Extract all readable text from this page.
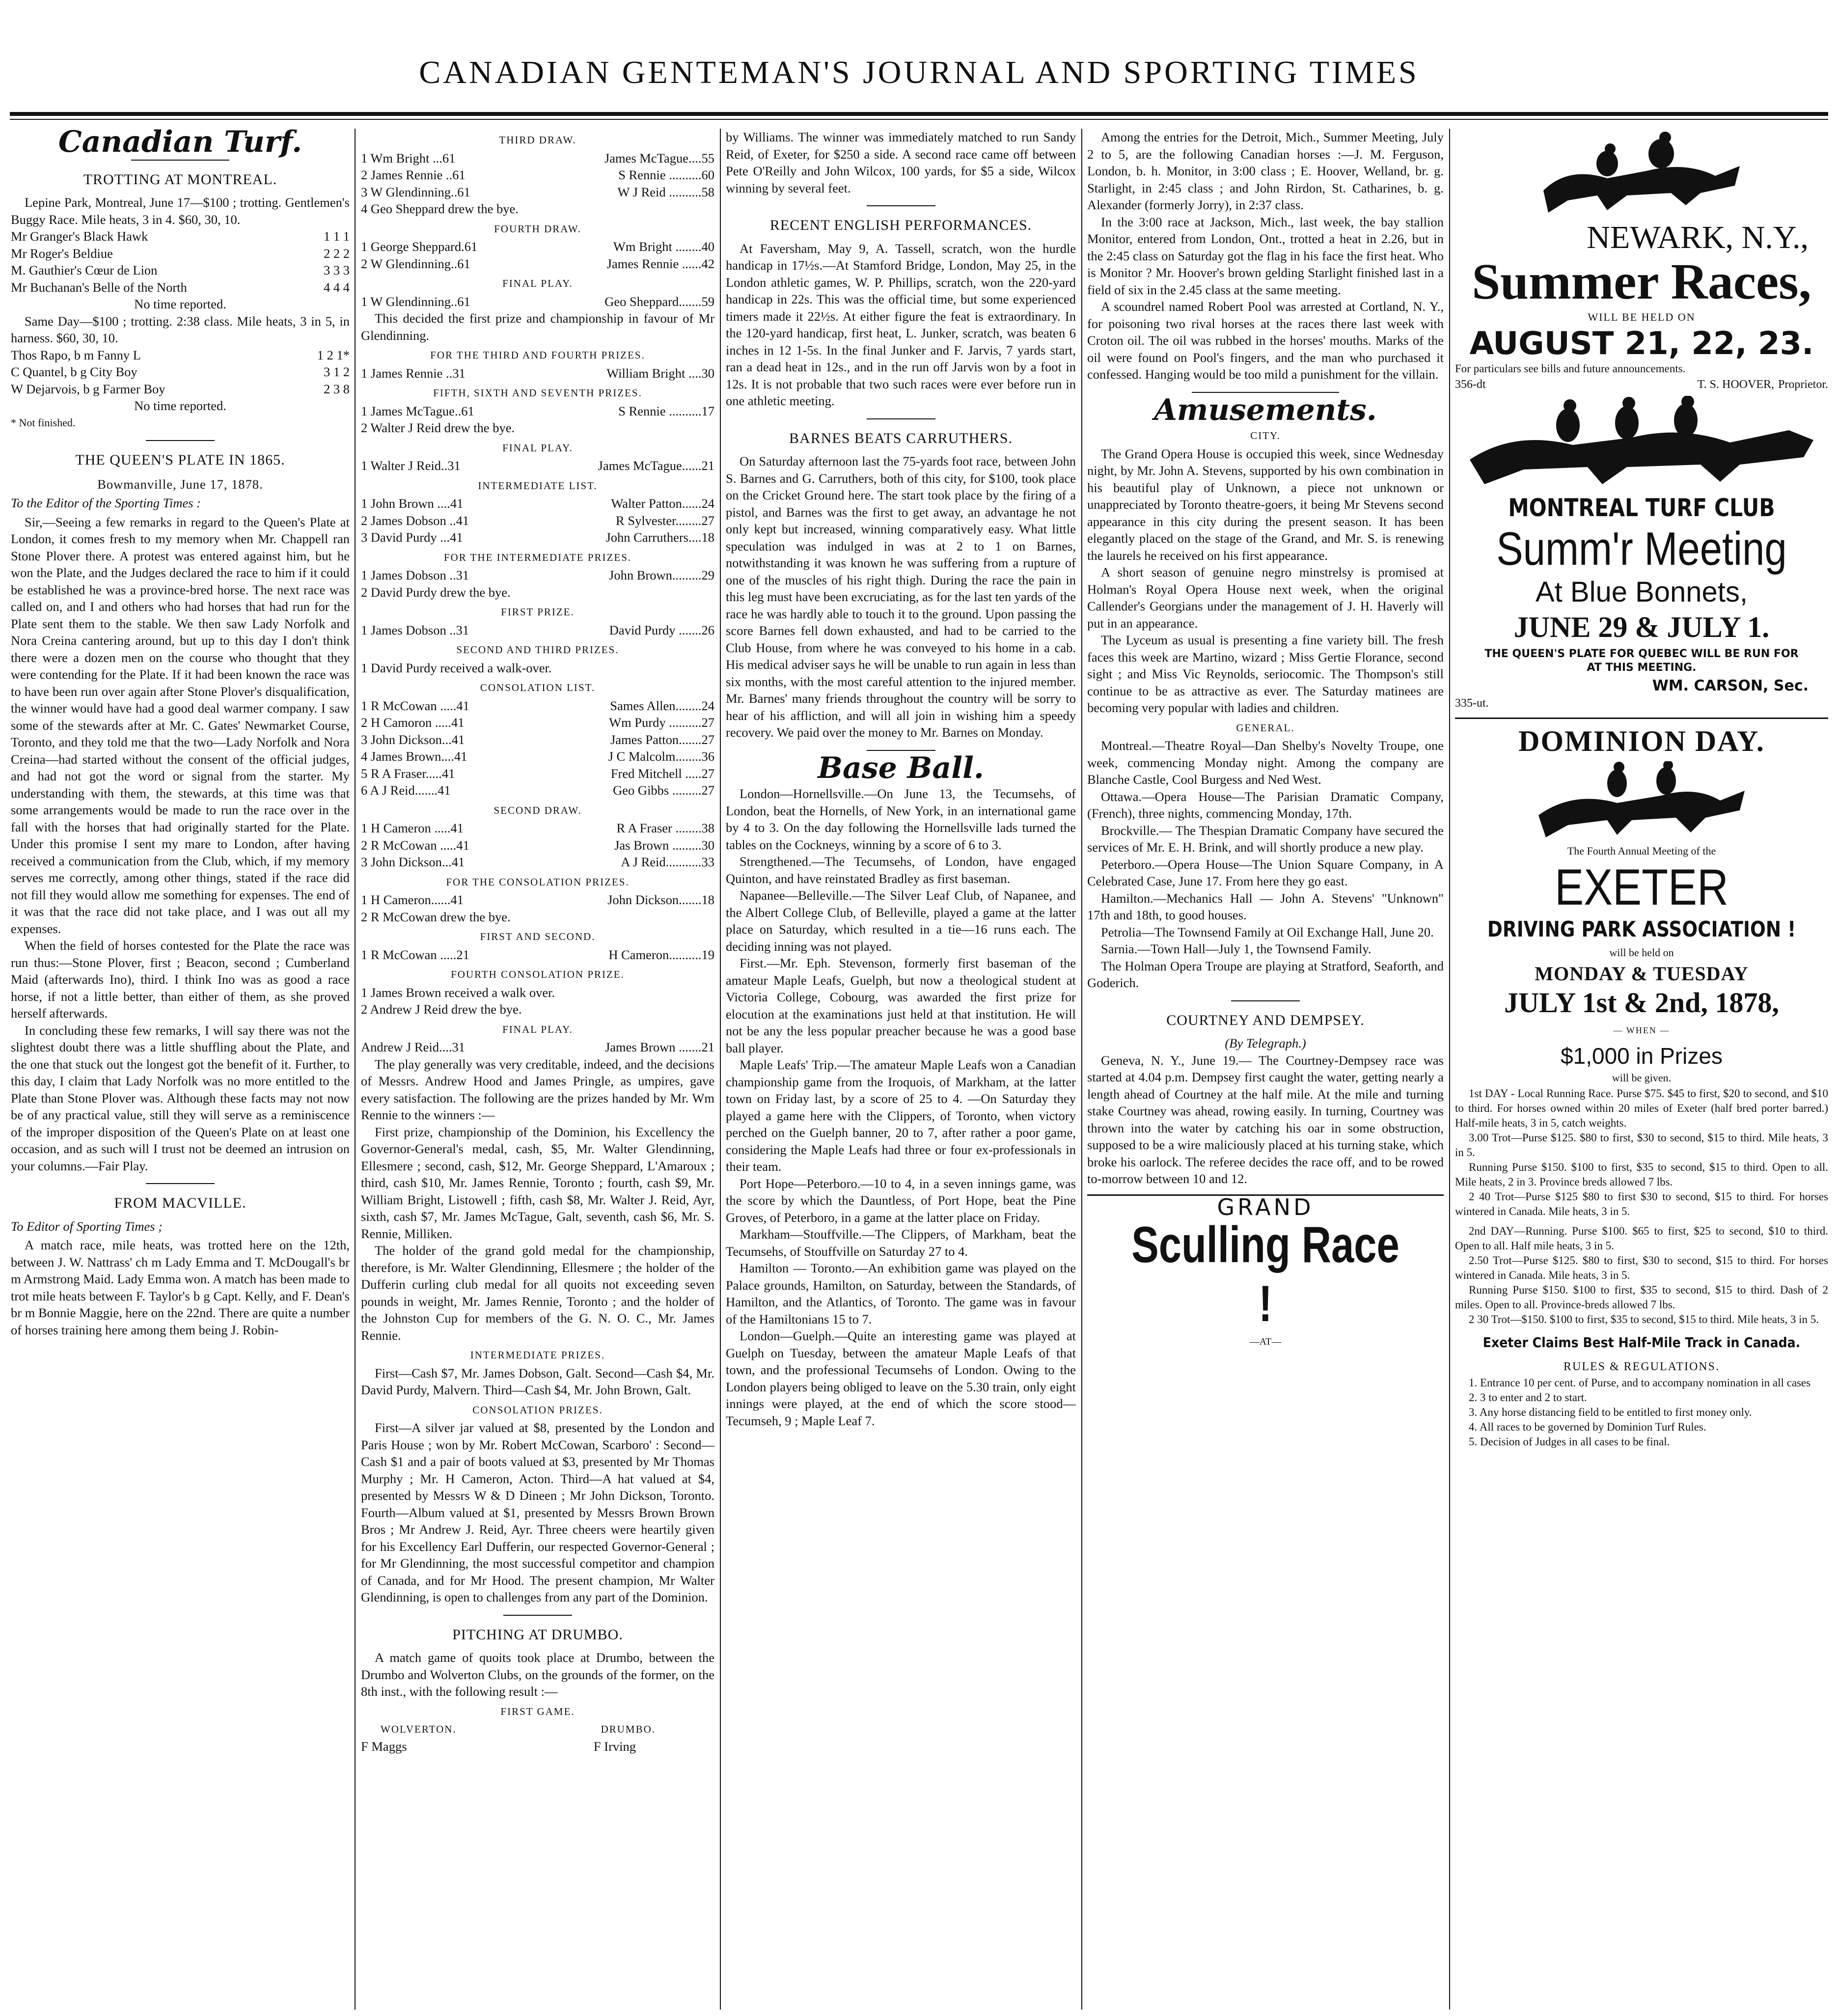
CANADIAN GENTEMAN'S JOURNAL AND SPORTING TIMES
Canadian Turf.
TROTTING AT MONTREAL.

Lepine Park, Montreal, June 17—$100 ; trotting. Gentlemen's Buggy Race. Mile heats, 3 in 4. $60, 30, 10.

Mr Granger's Black Hawk	1 1 1
Mr Roger's Beldiue	2 2 2
M. Gauthier's Cœur de Lion	3 3 3
Mr Buchanan's Belle of the North	4 4 4
No time reported.

Same Day—$100 ; trotting. 2:38 class. Mile heats, 3 in 5, in harness. $60, 30, 10.

Thos Rapo, b m Fanny L	1 2 1*
C Quantel, b g City Boy	3 1 2
W Dejarvois, b g Farmer Boy	2 3 8
No time reported.
* Not finished.
THE QUEEN'S PLATE IN 1865.
Bowmanville, June 17, 1878.
To the Editor of the Sporting Times :

Sir,—Seeing a few remarks in regard to the Queen's Plate at London, it comes fresh to my memory when Mr. Chappell ran Stone Plover there. A protest was entered against him, but he won the Plate, and the Judges declared the race to him if it could be established he was a province-bred horse. The next race was called on, and I and others who had horses that had run for the Plate sent them to the stable. We then saw Lady Norfolk and Nora Creina cantering around, but up to this day I don't think there were a dozen men on the course who thought that they were contending for the Plate. If it had been known the race was to have been run over again after Stone Plover's disqualification, the winner would have had a good deal warmer company. I saw some of the stewards after at Mr. C. Gates' Newmarket Course, Toronto, and they told me that the two—Lady Norfolk and Nora Creina—had started without the consent of the official judges, and had not got the word or signal from the starter. My understanding with them, the stewards, at this time was that some arrangements would be made to run the race over in the fall with the horses that had originally started for the Plate. Under this promise I sent my mare to London, after having received a communication from the Club, which, if my memory serves me correctly, among other things, stated if the race did not fill they would allow me something for expenses. The end of it was that the race did not take place, and I was out all my expenses.

When the field of horses contested for the Plate the race was run thus:—Stone Plover, first ; Beacon, second ; Cumberland Maid (afterwards Ino), third. I think Ino was as good a race horse, if not a little better, than either of them, as she proved herself afterwards.

In concluding these few remarks, I will say there was not the slightest doubt there was a little shuffling about the Plate, and the one that stuck out the longest got the benefit of it. Further, to this day, I claim that Lady Norfolk was no more entitled to the Plate than Stone Plover was. Although these facts may not now be of any practical value, still they will serve as a reminiscence of the improper disposition of the Queen's Plate on at least one occasion, and as such will I trust not be deemed an intrusion on your columns.—Fair Play.

FROM MACVILLE.
To Editor of Sporting Times ;

A match race, mile heats, was trotted here on the 12th, between J. W. Nattrass' ch m Lady Emma and T. McDougall's br m Armstrong Maid. Lady Emma won. A match has been made to trot mile heats between F. Taylor's b g Capt. Kelly, and F. Dean's br m Bonnie Maggie, here on the 22nd. There are quite a number of horses training here among them being J. Robin-

THIRD DRAW.
1 Wm Bright ...61	James McTague....55
2 James Rennie ..61	S Rennie ..........60
3 W Glendinning..61	W J Reid ..........58
4 Geo Sheppard drew the bye.
FOURTH DRAW.
1 George Sheppard.61	Wm Bright ........40
2 W Glendinning..61	James Rennie ......42
FINAL PLAY.
1 W Glendinning..61	Geo Sheppard.......59

This decided the first prize and championship in favour of Mr Glendinning.

FOR THE THIRD AND FOURTH PRIZES.
1 James Rennie ..31	William Bright ....30
FIFTH, SIXTH AND SEVENTH PRIZES.
1 James McTague..61	S Rennie ..........17
2 Walter J Reid drew the bye.
FINAL PLAY.
1 Walter J Reid..31	James McTague......21
INTERMEDIATE LIST.
1 John Brown ....41	Walter Patton......24
2 James Dobson ..41	R Sylvester........27
3 David Purdy ...41	John Carruthers....18
FOR THE INTERMEDIATE PRIZES.
1 James Dobson ..31	John Brown.........29
2 David Purdy drew the bye.
FIRST PRIZE.
1 James Dobson ..31	David Purdy .......26
SECOND AND THIRD PRIZES.
1 David Purdy received a walk-over.
CONSOLATION LIST.
1 R McCowan .....41	Sames Allen........24
2 H Camoron .....41	Wm Purdy ..........27
3 John Dickson...41	James Patton.......27
4 James Brown....41	J C Malcolm........36
5 R A Fraser.....41	Fred Mitchell .....27
6 A J Reid.......41	Geo Gibbs .........27
SECOND DRAW.
1 H Cameron .....41	R A Fraser ........38
2 R McCowan .....41	Jas Brown .........30
3 John Dickson...41	A J Reid...........33
FOR THE CONSOLATION PRIZES.
1 H Cameron......41	John Dickson.......18
2 R McCowan drew the bye.
FIRST AND SECOND.
1 R McCowan .....21	H Cameron..........19
FOURTH CONSOLATION PRIZE.
1 James Brown received a walk over.
2 Andrew J Reid drew the bye.
FINAL PLAY.
Andrew J Reid....31	James Brown .......21

The play generally was very creditable, indeed, and the decisions of Messrs. Andrew Hood and James Pringle, as umpires, gave every satisfaction. The following are the prizes handed by Mr. Wm Rennie to the winners :—

First prize, championship of the Dominion, his Excellency the Governor-General's medal, cash, $5, Mr. Walter Glendinning, Ellesmere ; second, cash, $12, Mr. George Sheppard, L'Amaroux ; third, cash $10, Mr. James Rennie, Toronto ; fourth, cash $9, Mr. William Bright, Listowell ; fifth, cash $8, Mr. Walter J. Reid, Ayr, sixth, cash $7, Mr. James McTague, Galt, seventh, cash $6, Mr. S. Rennie, Milliken.

The holder of the grand gold medal for the championship, therefore, is Mr. Walter Glendinning, Ellesmere ; the holder of the Dufferin curling club medal for all quoits not exceeding seven pounds in weight, Mr. James Rennie, Toronto ; and the holder of the Johnston Cup for members of the G. N. O. C., Mr. James Rennie.

INTERMEDIATE PRIZES.

First—Cash $7, Mr. James Dobson, Galt. Second—Cash $4, Mr. David Purdy, Malvern. Third—Cash $4, Mr. John Brown, Galt.

CONSOLATION PRIZES.

First—A silver jar valued at $8, presented by the London and Paris House ; won by Mr. Robert McCowan, Scarboro' : Second—Cash $1 and a pair of boots valued at $3, presented by Mr Thomas Murphy ; Mr. H Cameron, Acton. Third—A hat valued at $4, presented by Messrs W & D Dineen ; Mr John Dickson, Toronto. Fourth—Album valued at $1, presented by Messrs Brown Brown Bros ; Mr Andrew J. Reid, Ayr. Three cheers were heartily given for his Excellency Earl Dufferin, our respected Governor-General ; for Mr Glendinning, the most successful competitor and champion of Canada, and for Mr Hood. The present champion, Mr Walter Glendinning, is open to challenges from any part of the Dominion.

PITCHING AT DRUMBO.

A match game of quoits took place at Drumbo, between the Drumbo and Wolverton Clubs, on the grounds of the former, on the 8th inst., with the following result :—

FIRST GAME.
WOLVERTON.	DRUMBO.
F Maggs	F Irving

by Williams. The winner was immediately matched to run Sandy Reid, of Exeter, for $250 a side. A second race came off between Pete O'Reilly and John Wilcox, 100 yards, for $5 a side, Wilcox winning by several feet.

RECENT ENGLISH PERFORMANCES.

At Faversham, May 9, A. Tassell, scratch, won the hurdle handicap in 17½s.—At Stamford Bridge, London, May 25, in the London athletic games, W. P. Phillips, scratch, won the 220-yard handicap in 22s. This was the official time, but some experienced timers made it 22½s. At either figure the feat is extraordinary. In the 120-yard handicap, first heat, L. Junker, scratch, was beaten 6 inches in 12 1-5s. In the final Junker and F. Jarvis, 7 yards start, ran a dead heat in 12s., and in the run off Jarvis won by a foot in 12s. It is not probable that two such races were ever before run in one athletic meeting.

BARNES BEATS CARRUTHERS.

On Saturday afternoon last the 75-yards foot race, between John S. Barnes and G. Carruthers, both of this city, for $100, took place on the Cricket Ground here. The start took place by the firing of a pistol, and Barnes was the first to get away, an advantage he not only kept but increased, winning comparatively easy. What little speculation was indulged in was at 2 to 1 on Barnes, notwithstanding it was known he was suffering from a rupture of one of the muscles of his right thigh. During the race the pain in this leg must have been excruciating, as for the last ten yards of the race he was hardly able to touch it to the ground. Upon passing the score Barnes fell down exhausted, and had to be carried to the Club House, from where he was conveyed to his home in a cab. His medical adviser says he will be unable to run again in less than six months, with the most careful attention to the injured member. Mr. Barnes' many friends throughout the country will be sorry to hear of his affliction, and will all join in wishing him a speedy recovery. We paid over the money to Mr. Barnes on Monday.

Base Ball.

London—Hornellsville.—On June 13, the Tecumsehs, of London, beat the Hornells, of New York, in an international game by 4 to 3. On the day following the Hornellsville lads turned the tables on the Cockneys, winning by a score of 6 to 3.

Strengthened.—The Tecumsehs, of London, have engaged Quinton, and have reinstated Bradley as first baseman.

Napanee—Belleville.—The Silver Leaf Club, of Napanee, and the Albert College Club, of Belleville, played a game at the latter place on Saturday, which resulted in a tie—16 runs each. The deciding inning was not played.

First.—Mr. Eph. Stevenson, formerly first baseman of the amateur Maple Leafs, Guelph, but now a theological student at Victoria College, Cobourg, was awarded the first prize for elocution at the examinations just held at that institution. He will not be any the less popular preacher because he was a good base ball player.

Maple Leafs' Trip.—The amateur Maple Leafs won a Canadian championship game from the Iroquois, of Markham, at the latter town on Friday last, by a score of 25 to 4. —On Saturday they played a game here with the Clippers, of Toronto, when victory perched on the Guelph banner, 20 to 7, after rather a poor game, considering the Maple Leafs had three or four ex-professionals in their team.

Port Hope—Peterboro.—10 to 4, in a seven innings game, was the score by which the Dauntless, of Port Hope, beat the Pine Groves, of Peterboro, in a game at the latter place on Friday.

Markham—Stouffville.—The Clippers, of Markham, beat the Tecumsehs, of Stouffville on Saturday 27 to 4.

Hamilton — Toronto.—An exhibition game was played on the Palace grounds, Hamilton, on Saturday, between the Standards, of Hamilton, and the Atlantics, of Toronto. The game was in favour of the Hamiltonians 15 to 7.

London—Guelph.—Quite an interesting game was played at Guelph on Tuesday, between the amateur Maple Leafs of that town, and the professional Tecumsehs of London. Owing to the London players being obliged to leave on the 5.30 train, only eight innings were played, at the end of which the score stood—Tecumseh, 9 ; Maple Leaf 7.

Among the entries for the Detroit, Mich., Summer Meeting, July 2 to 5, are the following Canadian horses :—J. M. Ferguson, London, b. h. Monitor, in 3:00 class ; E. Hoover, Welland, br. g. Starlight, in 2:45 class ; and John Rirdon, St. Catharines, b. g. Alexander (formerly Jorry), in 2:37 class.

In the 3:00 race at Jackson, Mich., last week, the bay stallion Monitor, entered from London, Ont., trotted a heat in 2.26, but in the 2:45 class on Saturday got the flag in his face the first heat. Who is Monitor ? Mr. Hoover's brown gelding Starlight finished last in a field of six in the 2.45 class at the same meeting.

A scoundrel named Robert Pool was arrested at Cortland, N. Y., for poisoning two rival horses at the races there last week with Croton oil. The oil was rubbed in the horses' mouths. Marks of the oil were found on Pool's fingers, and the man who purchased it confessed. Hanging would be too mild a punishment for the villain.

Amusements.
CITY.

The Grand Opera House is occupied this week, since Wednesday night, by Mr. John A. Stevens, supported by his own combination in his beautiful play of Unknown, a piece not unknown or unappreciated by Toronto theatre-goers, it being Mr Stevens second appearance in this city during the present season. It has been elegantly placed on the stage of the Grand, and Mr. S. is renewing the laurels he received on his first appearance.

A short season of genuine negro minstrelsy is promised at Holman's Royal Opera House next week, when the original Callender's Georgians under the management of J. H. Haverly will put in an appearance.

The Lyceum as usual is presenting a fine variety bill. The fresh faces this week are Martino, wizard ; Miss Gertie Florance, second sight ; and Miss Vic Reynolds, seriocomic. The Thompson's still continue to be as attractive as ever. The Saturday matinees are becoming very popular with ladies and children.

GENERAL.

Montreal.—Theatre Royal—Dan Shelby's Novelty Troupe, one week, commencing Monday night. Among the company are Blanche Castle, Cool Burgess and Ned West.

Ottawa.—Opera House—The Parisian Dramatic Company, (French), three nights, commencing Monday, 17th.

Brockville.— The Thespian Dramatic Company have secured the services of Mr. E. H. Brink, and will shortly produce a new play.

Peterboro.—Opera House—The Union Square Company, in A Celebrated Case, June 17. From here they go east.

Hamilton.—Mechanics Hall — John A. Stevens' "Unknown" 17th and 18th, to good houses.

Petrolia—The Townsend Family at Oil Exchange Hall, June 20.

Sarnia.—Town Hall—July 1, the Townsend Family.

The Holman Opera Troupe are playing at Stratford, Seaforth, and Goderich.

COURTNEY AND DEMPSEY.
(By Telegraph.)

Geneva, N. Y., June 19.— The Courtney-Dempsey race was started at 4.04 p.m. Dempsey first caught the water, getting nearly a length ahead of Courtney at the half mile. At the mile and turning stake Courtney was ahead, rowing easily. In turning, Courtney was thrown into the water by catching his oar in some obstruction, supposed to be a wire maliciously placed at his turning stake, which broke his oarlock. The referee decides the race off, and to be rowed to-morrow between 10 and 12.

GRAND
Sculling Race !
—AT—
NEWARK, N.Y.,
Summer Races,
WILL BE HELD ON
AUGUST 21, 22, 23.
For particulars see bills and future announcements.
356-dt	T. S. HOOVER, Proprietor.
MONTREAL TURF CLUB
Summ'r Meeting
At Blue Bonnets,
JUNE 29 & JULY 1.
THE QUEEN'S PLATE FOR QUEBEC WILL BE RUN FOR AT THIS MEETING.
WM. CARSON, Sec.
335-ut.
DOMINION DAY.
The Fourth Annual Meeting of the
EXETER
DRIVING PARK ASSOCIATION !
will be held on
MONDAY & TUESDAY
JULY 1st & 2nd, 1878,
— WHEN —
$1,000 in Prizes
will be given.

1st DAY - Local Running Race. Purse $75. $45 to first, $20 to second, and $10 to third. For horses owned within 20 miles of Exeter (half bred porter barred.) Half-mile heats, 3 in 5, catch weights.

3.00 Trot—Purse $125. $80 to first, $30 to second, $15 to third. Mile heats, 3 in 5.

Running Purse $150. $100 to first, $35 to second, $15 to third. Open to all. Mile heats, 2 in 3. Province breds allowed 7 lbs.

2 40 Trot—Purse $125 $80 to first $30 to second, $15 to third. For horses wintered in Canada. Mile heats, 3 in 5.

2nd DAY—Running. Purse $100. $65 to first, $25 to second, $10 to third. Open to all. Half mile heats, 3 in 5.

2.50 Trot—Purse $125. $80 to first, $30 to second, $15 to third. For horses wintered in Canada. Mile heats, 3 in 5.

Running Purse $150. $100 to first, $35 to second, $15 to third. Dash of 2 miles. Open to all. Province-breds allowed 7 lbs.

2 30 Trot—$150. $100 to first, $35 to second, $15 to third. Mile heats, 3 in 5.

Exeter Claims Best Half-Mile Track in Canada.
RULES & REGULATIONS.

1. Entrance 10 per cent. of Purse, and to accompany nomination in all cases

2. 3 to enter and 2 to start.

3. Any horse distancing field to be entitled to first money only.

4. All races to be governed by Dominion Turf Rules.

5. Decision of Judges in all cases to be final.
